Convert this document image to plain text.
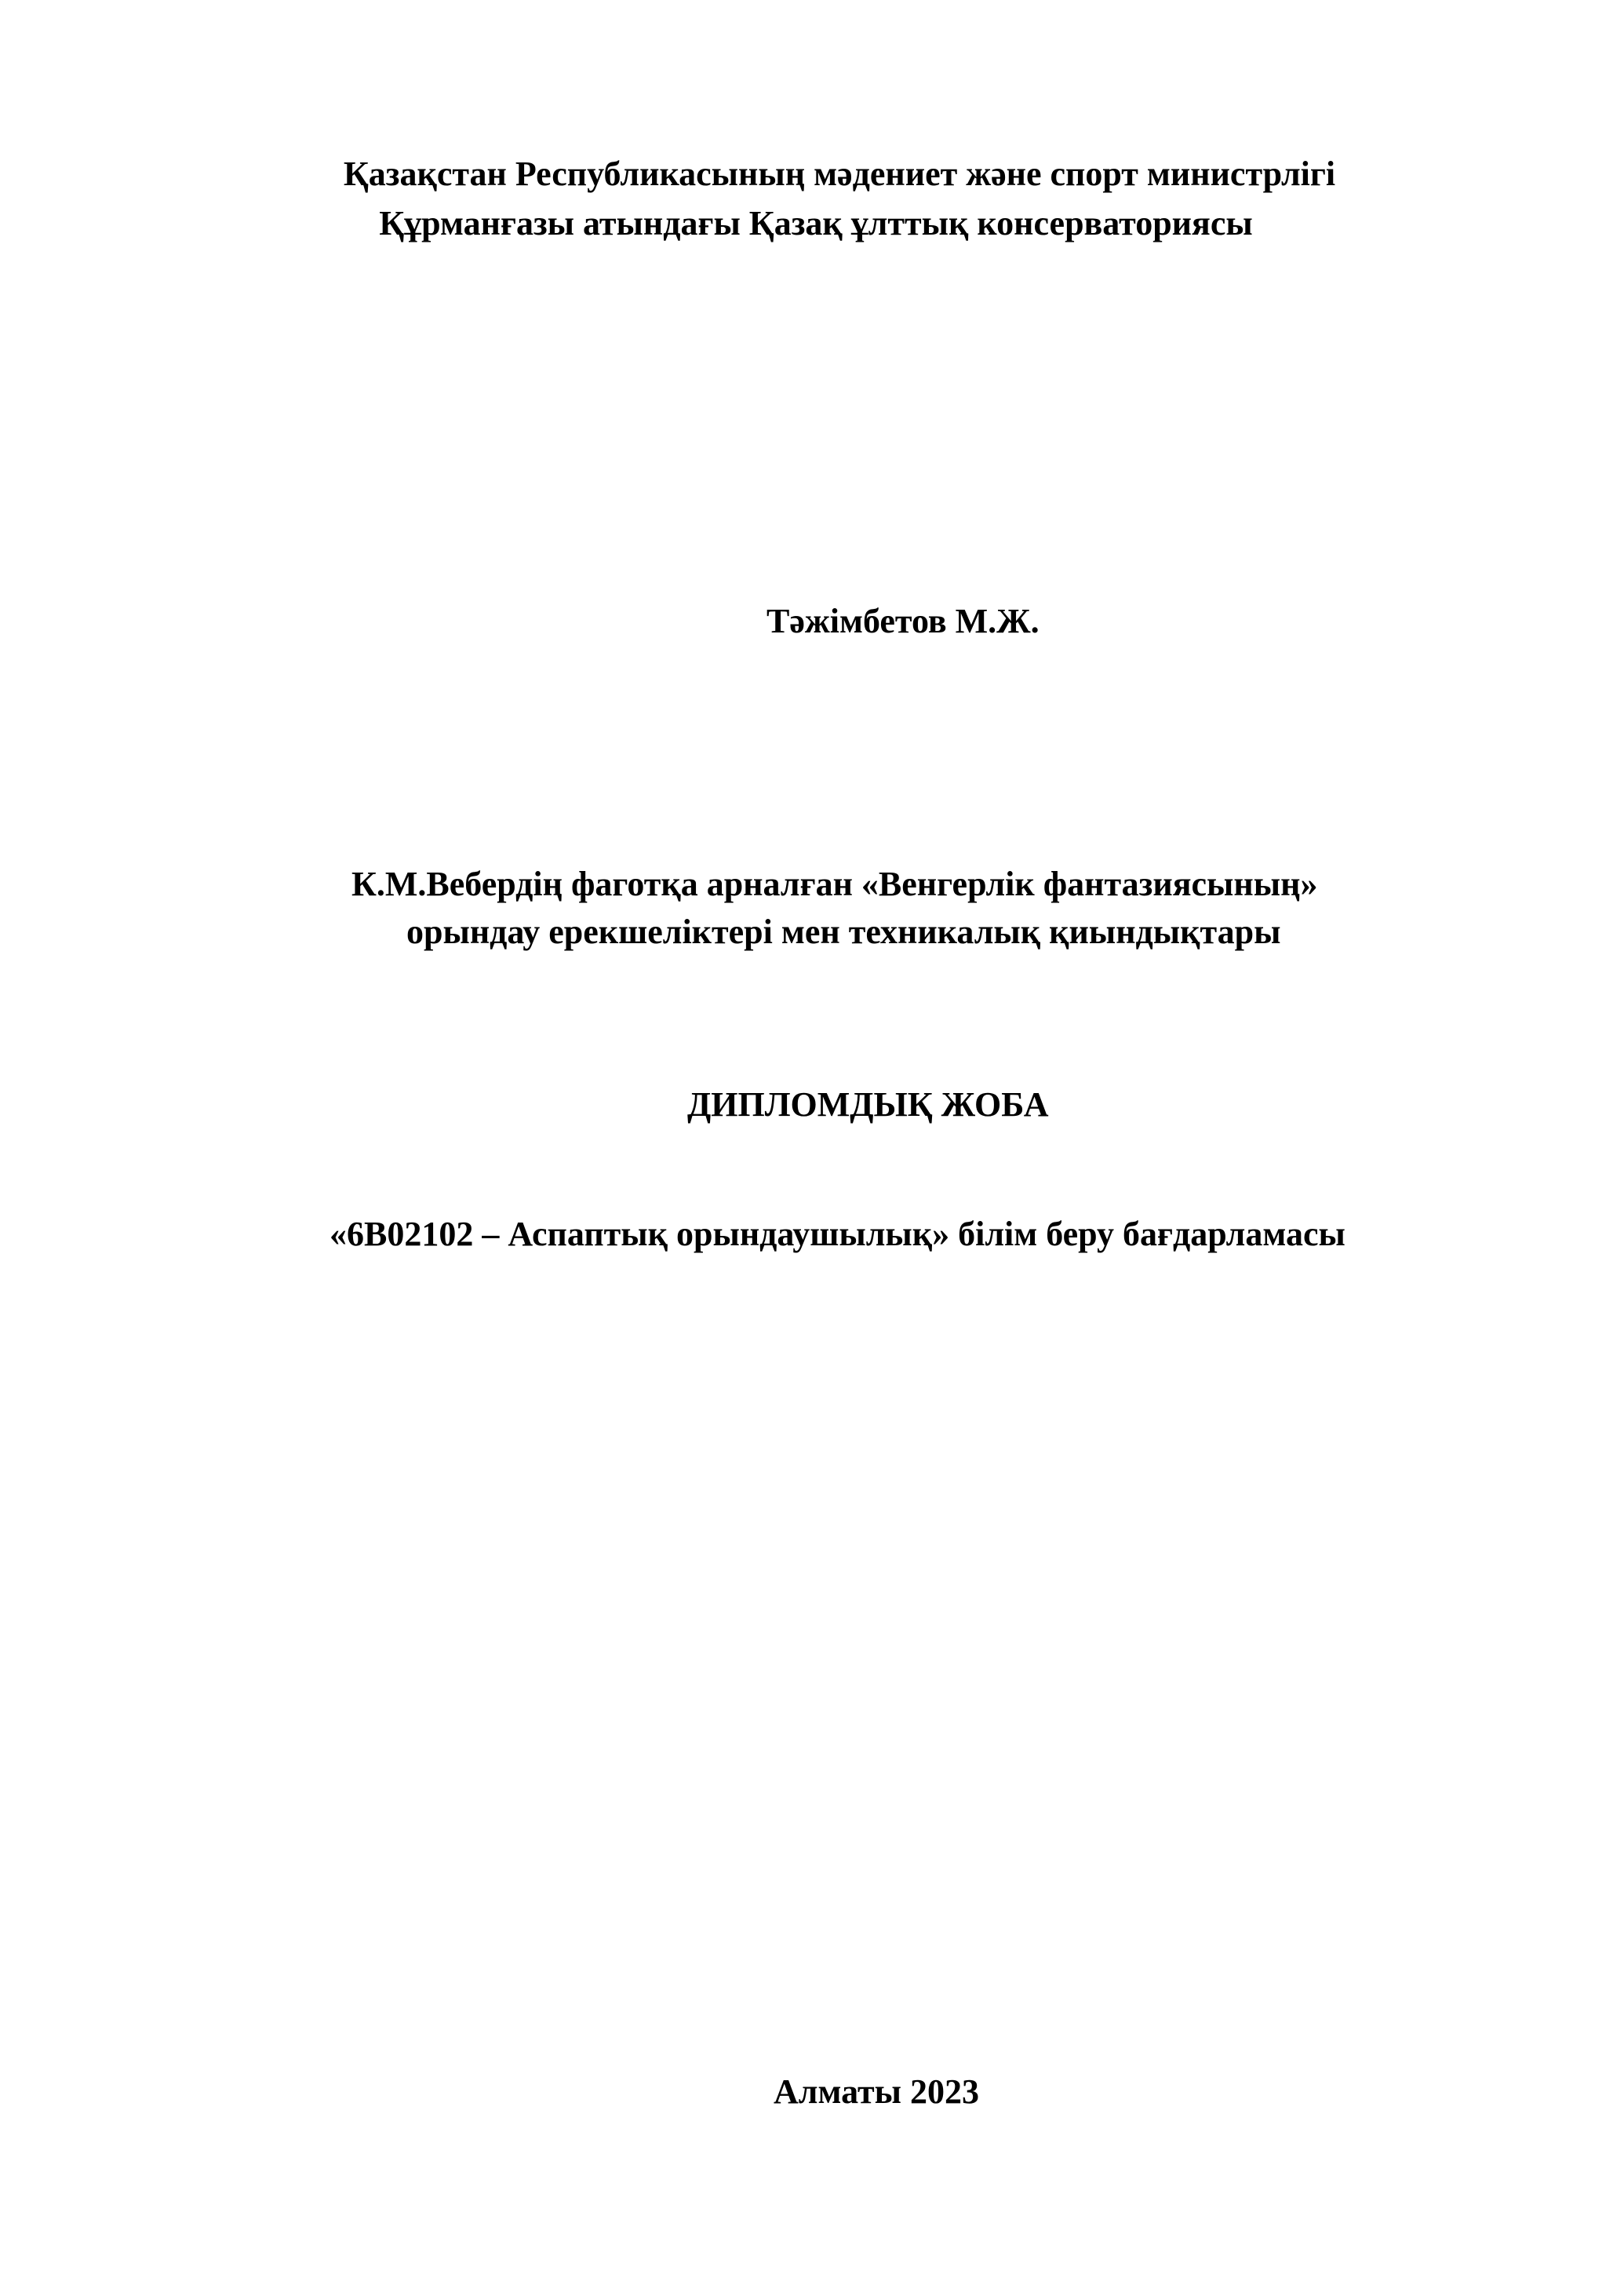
Қазақстан Республикасының мәдениет және спорт министрлігі

Құрманғазы атындағы Қазақ ұлттық консерваториясы

Тәжімбетов М.Ж.

К.М.Вебердің фаготқа арналған «Венгерлік фантазиясының»

орындау ерекшеліктері мен техникалық қиындықтары

ДИПЛОМДЫҚ ЖОБА

«6В02102 – Аспаптық орындаушылық» білім беру бағдарламасы

Алматы 2023
